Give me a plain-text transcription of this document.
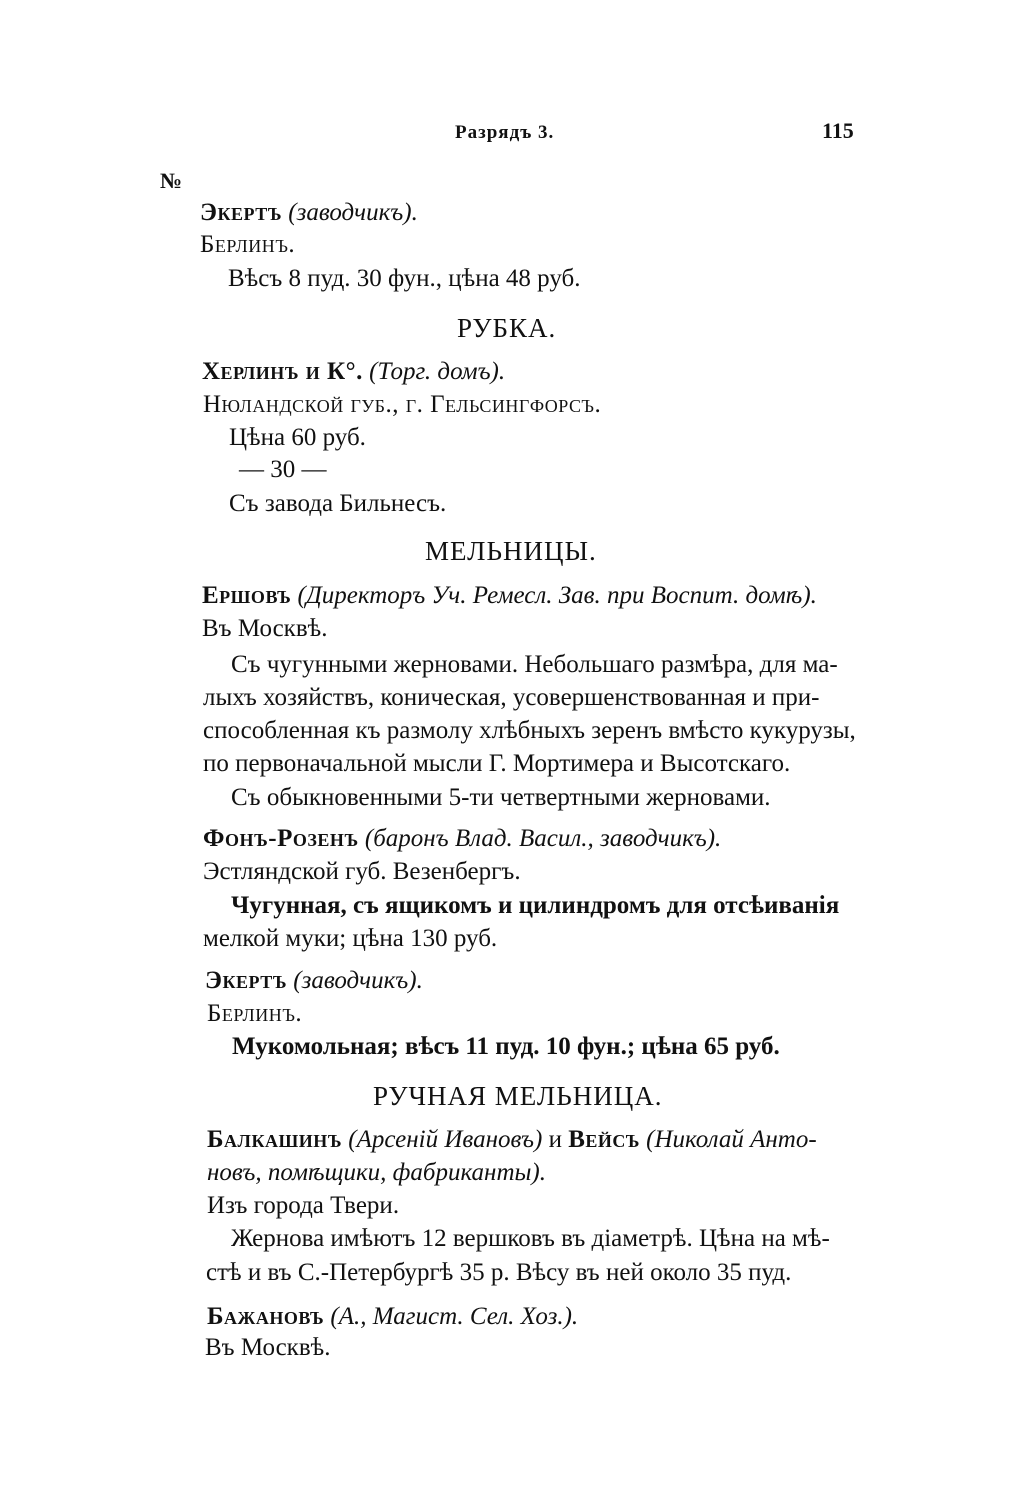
Разрядъ 3.	115
№
Экертъ (заводчикъ).
Берлинъ.
Вѣсъ 8 пуд. 30 фун., цѣна 48 руб.
РУБКА.
Херлинъ и К°. (Торг. домъ).
Нюландской губ., г. Гельсингфорсъ.
Цѣна 60 руб.
— 30 —
Съ завода Бильнесъ.
МЕЛЬНИЦЫ.
Ершовъ (Директоръ Уч. Ремесл. Зав. при Воспит. домѣ).
Въ Москвѣ.
Съ чугунными жерновами. Небольшаго размѣра, для ма-
лыхъ хозяйствъ, коническая, усовершенствованная и при-
способленная къ размолу хлѣбныхъ зеренъ вмѣсто кукурузы,
по первоначальной мысли Г. Мортимера и Высотскаго.
Съ обыкновенными 5-ти четвертными жерновами.
Фонъ-Розенъ (баронъ Влад. Васил., заводчикъ).
Эстляндской губ. Везенбергъ.
Чугунная, съ ящикомъ и цилиндромъ для отсѣиванія
мелкой муки; цѣна 130 руб.
Экертъ (заводчикъ).
Берлинъ.
Мукомольная; вѣсъ 11 пуд. 10 фун.; цѣна 65 руб.
РУЧНАЯ МЕЛЬНИЦА.
Балкашинъ (Арсеній Ивановъ) и Вейсъ (Николай Анто-
новъ, помѣщики, фабриканты).
Изъ города Твери.
Жернова имѣютъ 12 вершковъ въ діаметрѣ. Цѣна на мѣ-
стѣ и въ С.-Петербургѣ 35 р. Вѣсу въ ней около 35 пуд.
Бажановъ (А., Магист. Сел. Хоз.).
Въ Москвѣ.
